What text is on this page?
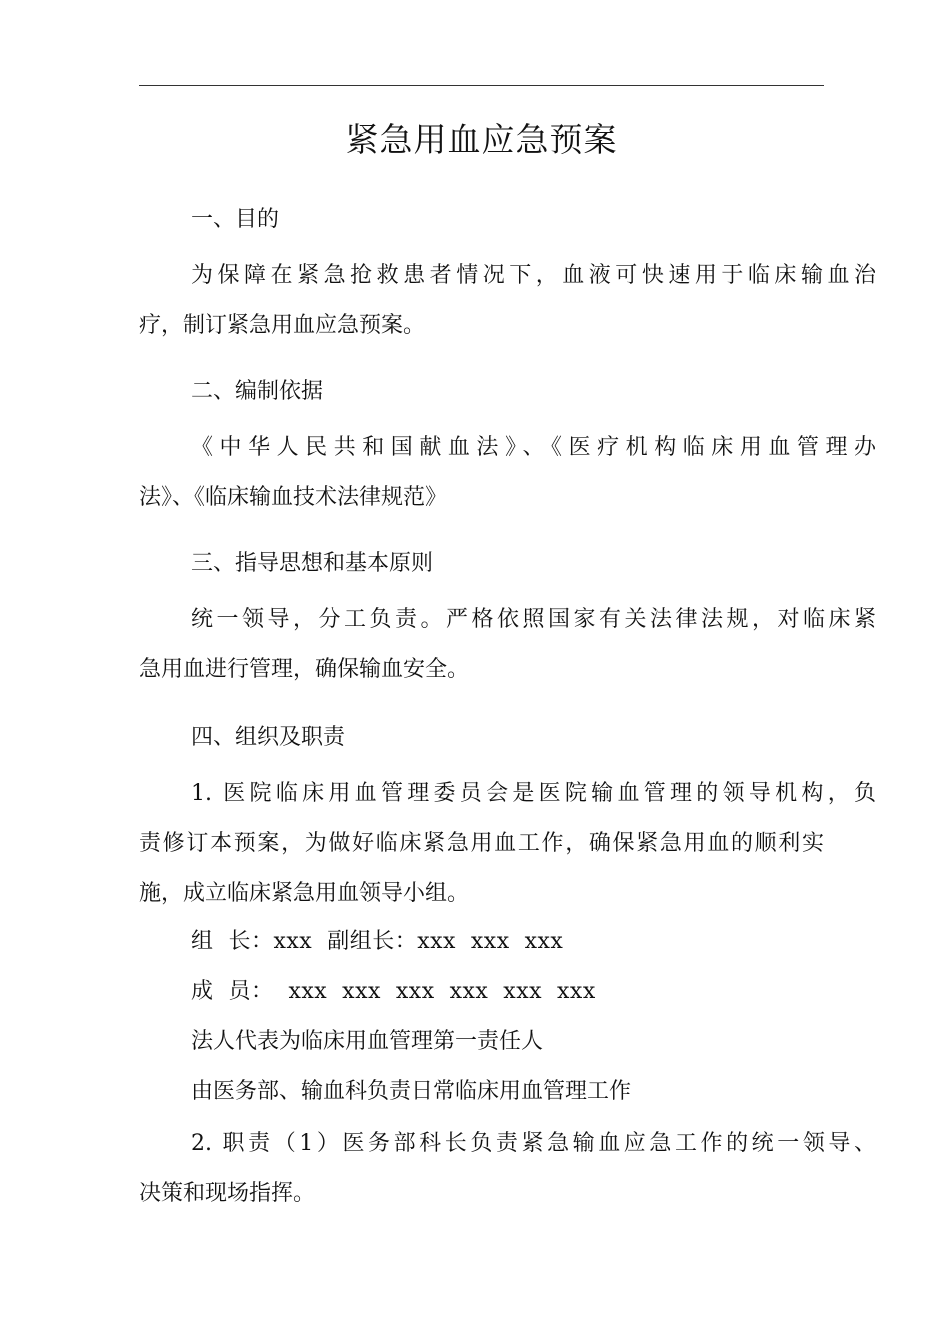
紧急用血应急预案
一、目的
为保障在紧急抢救患者情况下，血液可快速用于临床输血治
疗，制订紧急用血应急预案。
二、编制依据
《中华人民共和国献血法》、《医疗机构临床用血管理办
法》、《临床输血技术法律规范》
三、指导思想和基本原则
统一领导，分工负责。严格依照国家有关法律法规，对临床紧
急用血进行管理，确保输血安全。
四、组织及职责
1. 医院临床用血管理委员会是医院输血管理的领导机构，负
责修订本预案，为做好临床紧急用血工作，确保紧急用血的顺利实
施，成立临床紧急用血领导小组。
组  长：xxx  副组长：xxx  xxx  xxx
成  员：  xxx  xxx  xxx  xxx  xxx  xxx
法人代表为临床用血管理第一责任人
由医务部、输血科负责日常临床用血管理工作
2. 职责（1）医务部科长负责紧急输血应急工作的统一领导、
决策和现场指挥。
